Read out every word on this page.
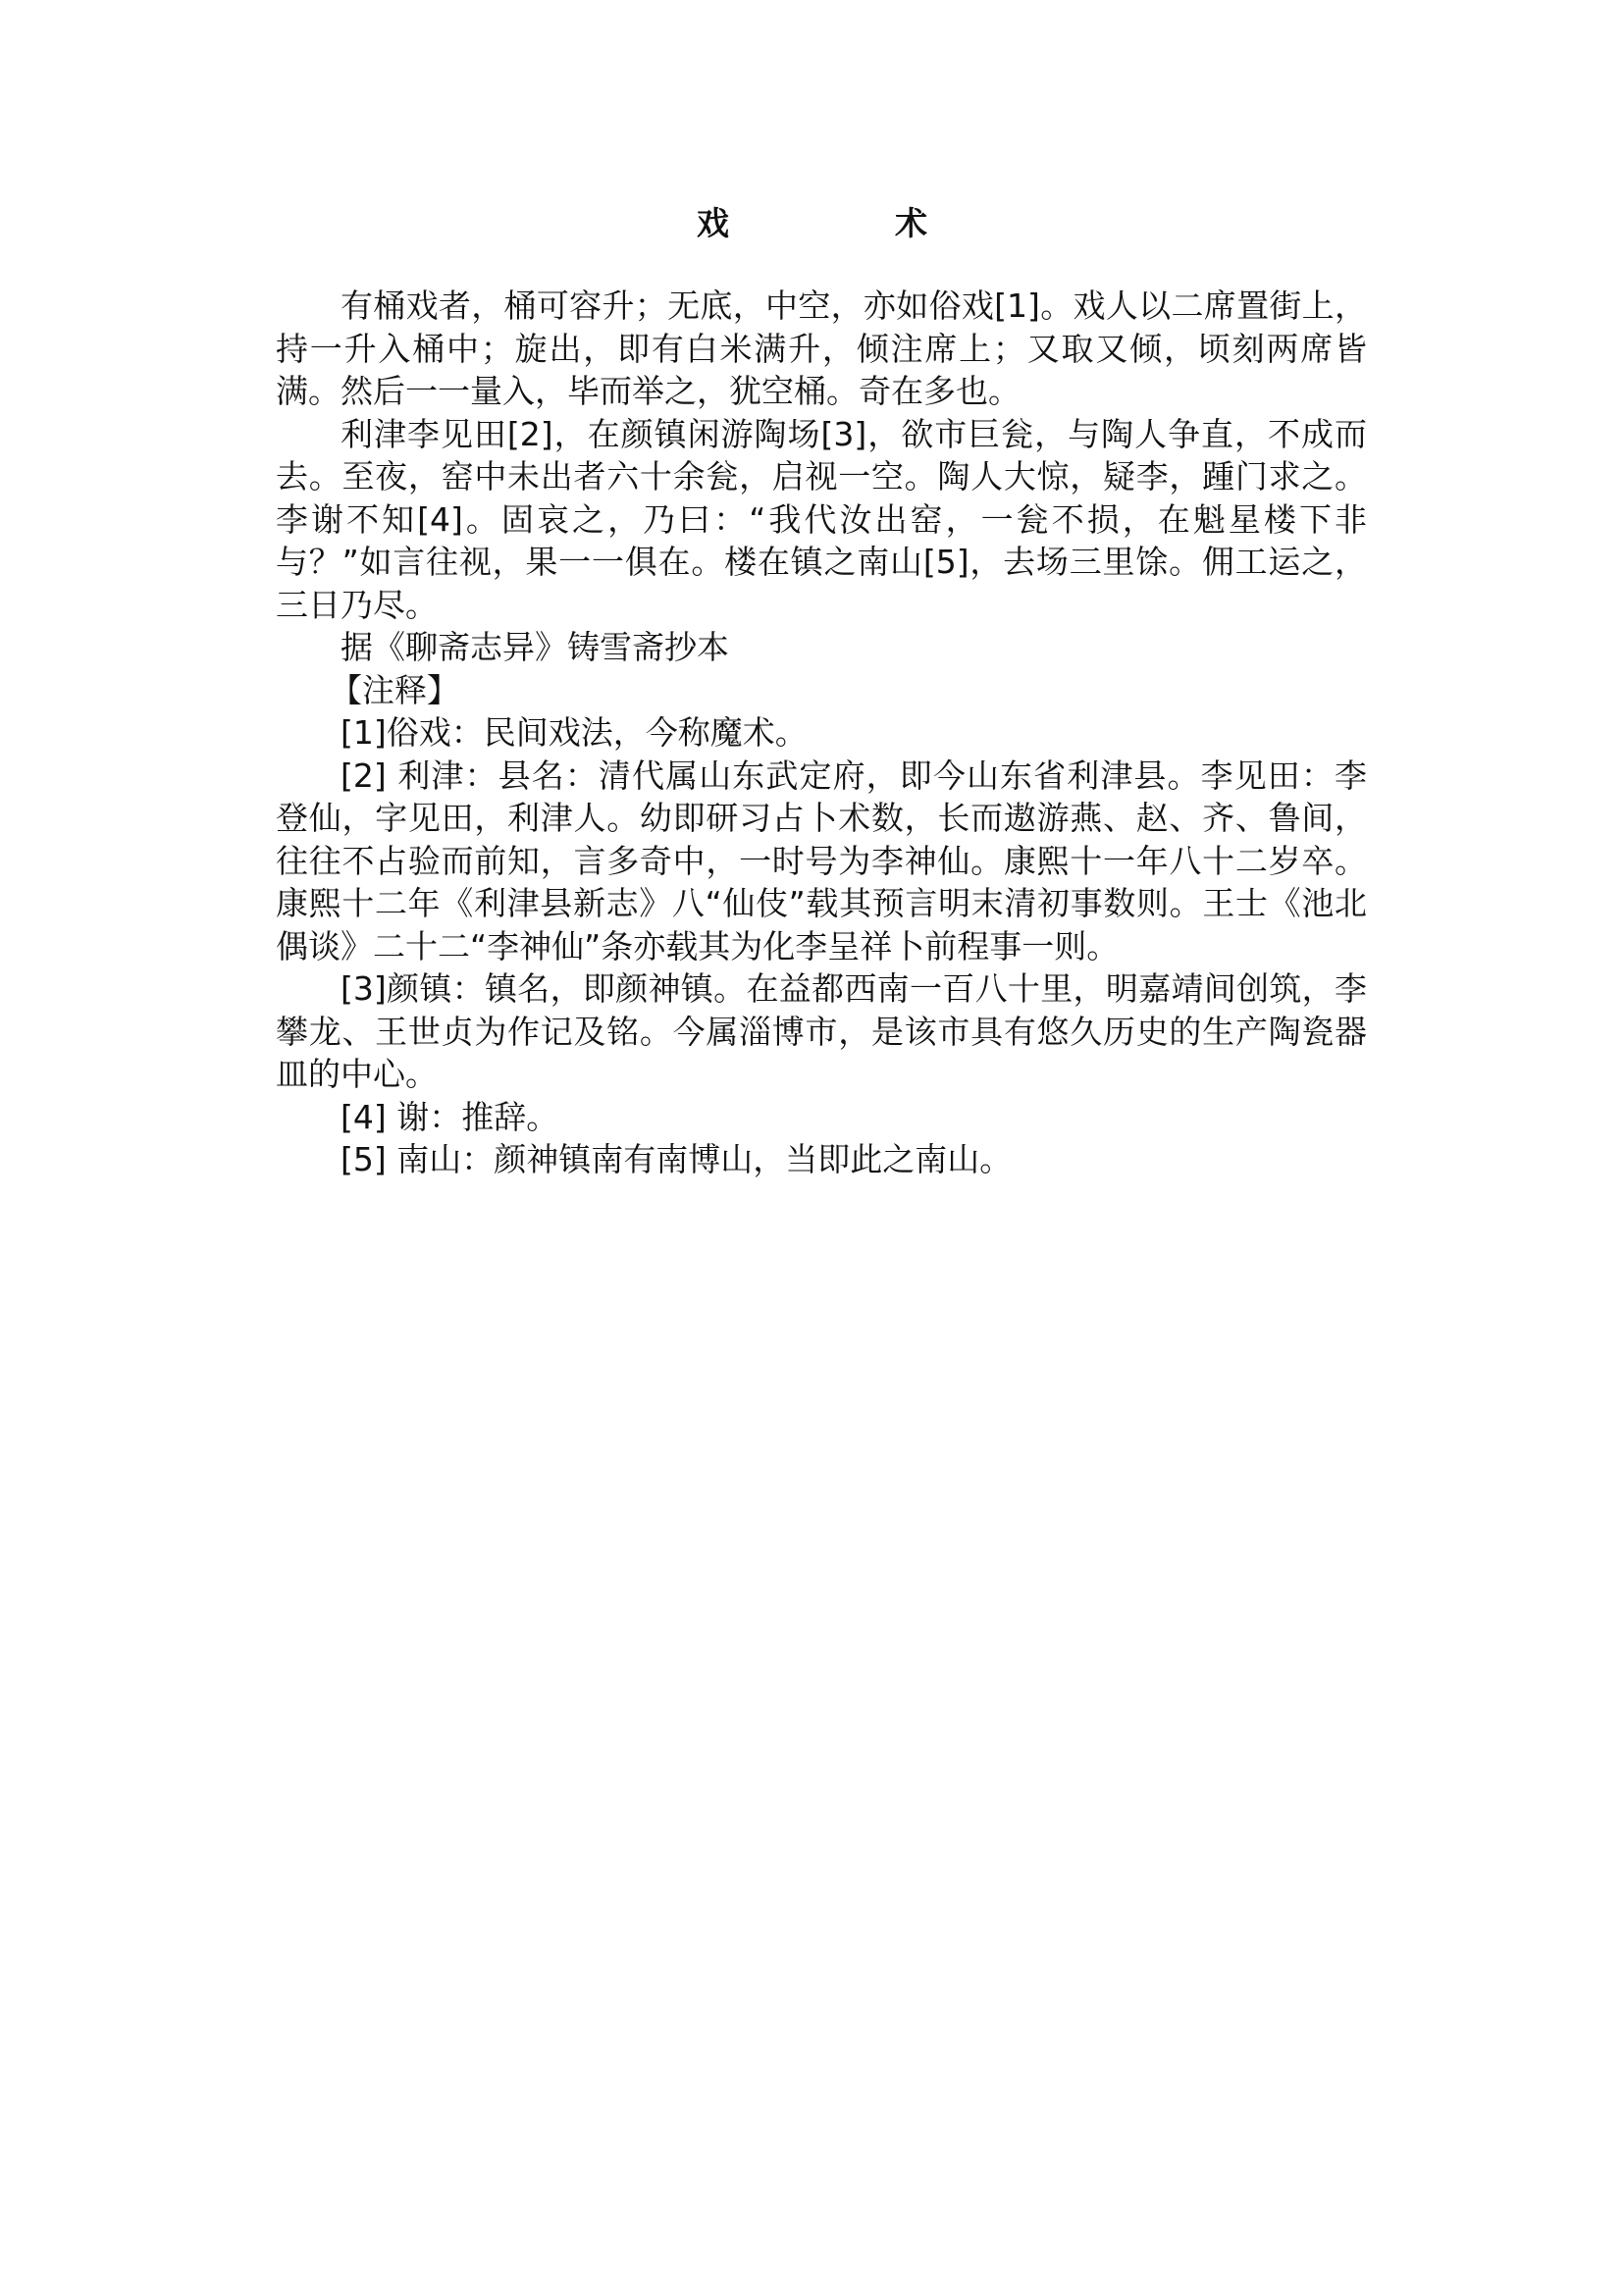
戏　术

有桶戏者，桶可容升；无底，中空，亦如俗戏[1]。戏人以二席置街上，持一升入桶中；旋出，即有白米满升，倾注席上；又取又倾，顷刻两席皆满。然后一一量入，毕而举之，犹空桶。奇在多也。

利津李见田[2]，在颜镇闲游陶场[3]，欲市巨瓮，与陶人争直，不成而去。至夜，窑中未出者六十余瓮，启视一空。陶人大惊，疑李，踵门求之。李谢不知[4]。固哀之，乃曰：“我代汝出窑，一瓮不损，在魁星楼下非与？”如言往视，果一一俱在。楼在镇之南山[5]，去场三里馀。佣工运之，三日乃尽。

据《聊斋志异》铸雪斋抄本

【注释】

[1]俗戏：民间戏法，今称魔术。

[2] 利津：县名：清代属山东武定府，即今山东省利津县。李见田：李登仙，字见田，利津人。幼即研习占卜术数，长而遨游燕、赵、齐、鲁间，往往不占验而前知，言多奇中，一时号为李神仙。康熙十一年八十二岁卒。康熙十二年《利津县新志》八“仙伎”载其预言明末清初事数则。王士《池北偶谈》二十二“李神仙”条亦载其为化李呈祥卜前程事一则。

[3]颜镇：镇名，即颜神镇。在益都西南一百八十里，明嘉靖间创筑，李攀龙、王世贞为作记及铭。今属淄博市，是该市具有悠久历史的生产陶瓷器皿的中心。

[4] 谢：推辞。

[5] 南山：颜神镇南有南博山，当即此之南山。
